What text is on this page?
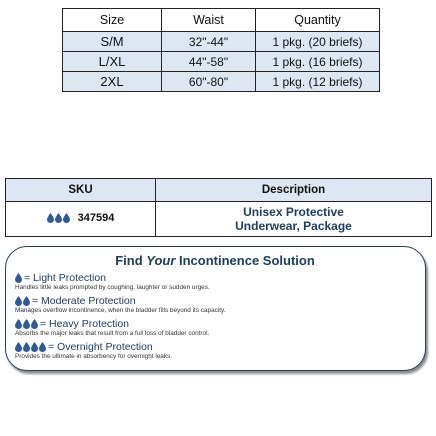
Size	Waist	Quantity
S/M	32"-44"	1 pkg. (20 briefs)
L/XL	44"-58"	1 pkg. (16 briefs)
2XL	60"-80"	1 pkg. (12 briefs)
SKU	Description

347594	Unisex Protective
Underwear, Package
Find Your Incontinence Solution
= Light Protection
Handles little leaks prompted by coughing, laughter or sudden urges.
= Moderate Protection
Manages overflow incontinence, when the bladder fills beyond its capacity.
= Heavy Protection
Absorbs the major leaks that result from a full loss of bladder control.
= Overnight Protection
Provides the ultimate in absorbency for overnight leaks.
